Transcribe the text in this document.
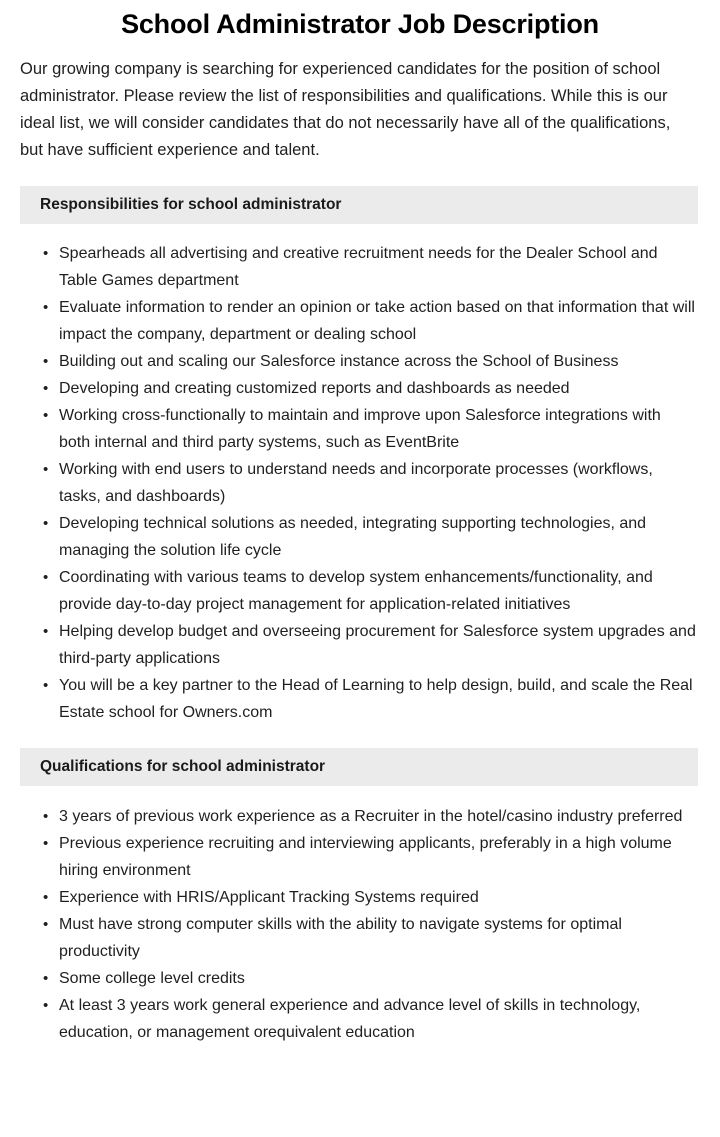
School Administrator Job Description

Our growing company is searching for experienced candidates for the position of school administrator. Please review the list of responsibilities and qualifications. While this is our ideal list, we will consider candidates that do not necessarily have all of the qualifications, but have sufficient experience and talent.

Responsibilities for school administrator
• Spearheads all advertising and creative recruitment needs for the Dealer School and Table Games department
• Evaluate information to render an opinion or take action based on that information that will impact the company, department or dealing school
• Building out and scaling our Salesforce instance across the School of Business
• Developing and creating customized reports and dashboards as needed
• Working cross-functionally to maintain and improve upon Salesforce integrations with both internal and third party systems, such as EventBrite
• Working with end users to understand needs and incorporate processes (workflows, tasks, and dashboards)
• Developing technical solutions as needed, integrating supporting technologies, and managing the solution life cycle
• Coordinating with various teams to develop system enhancements/functionality, and provide day-to-day project management for application-related initiatives
• Helping develop budget and overseeing procurement for Salesforce system upgrades and third-party applications
• You will be a key partner to the Head of Learning to help design, build, and scale the Real Estate school for Owners.com
Qualifications for school administrator
• 3 years of previous work experience as a Recruiter in the hotel/casino industry preferred
• Previous experience recruiting and interviewing applicants, preferably in a high volume hiring environment
• Experience with HRIS/Applicant Tracking Systems required
• Must have strong computer skills with the ability to navigate systems for optimal productivity
• Some college level credits
• At least 3 years work general experience and advance level of skills in technology, education, or management orequivalent education
